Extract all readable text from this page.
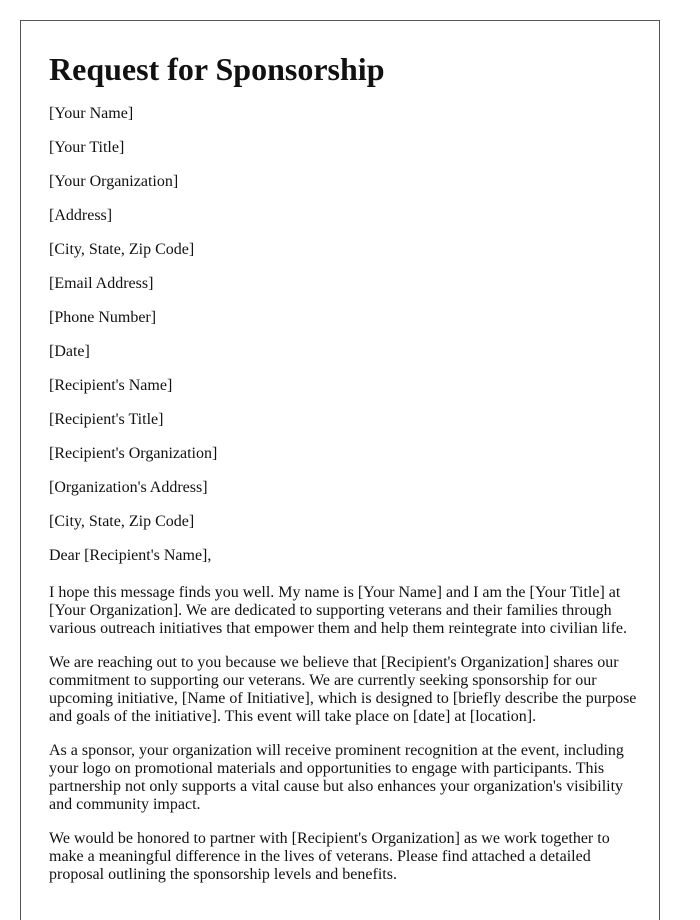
Request for Sponsorship
[Your Name]
[Your Title]
[Your Organization]
[Address]
[City, State, Zip Code]
[Email Address]
[Phone Number]
[Date]
[Recipient's Name]
[Recipient's Title]
[Recipient's Organization]
[Organization's Address]
[City, State, Zip Code]
Dear [Recipient's Name],

I hope this message finds you well. My name is [Your Name] and I am the [Your Title] at [Your Organization]. We are dedicated to supporting veterans and their families through various outreach initiatives that empower them and help them reintegrate into civilian life.

We are reaching out to you because we believe that [Recipient's Organization] shares our commitment to supporting our veterans. We are currently seeking sponsorship for our upcoming initiative, [Name of Initiative], which is designed to [briefly describe the purpose and goals of the initiative]. This event will take place on [date] at [location].

As a sponsor, your organization will receive prominent recognition at the event, including your logo on promotional materials and opportunities to engage with participants. This partnership not only supports a vital cause but also enhances your organization's visibility and community impact.

We would be honored to partner with [Recipient's Organization] as we work together to make a meaningful difference in the lives of veterans. Please find attached a detailed proposal outlining the sponsorship levels and benefits.
